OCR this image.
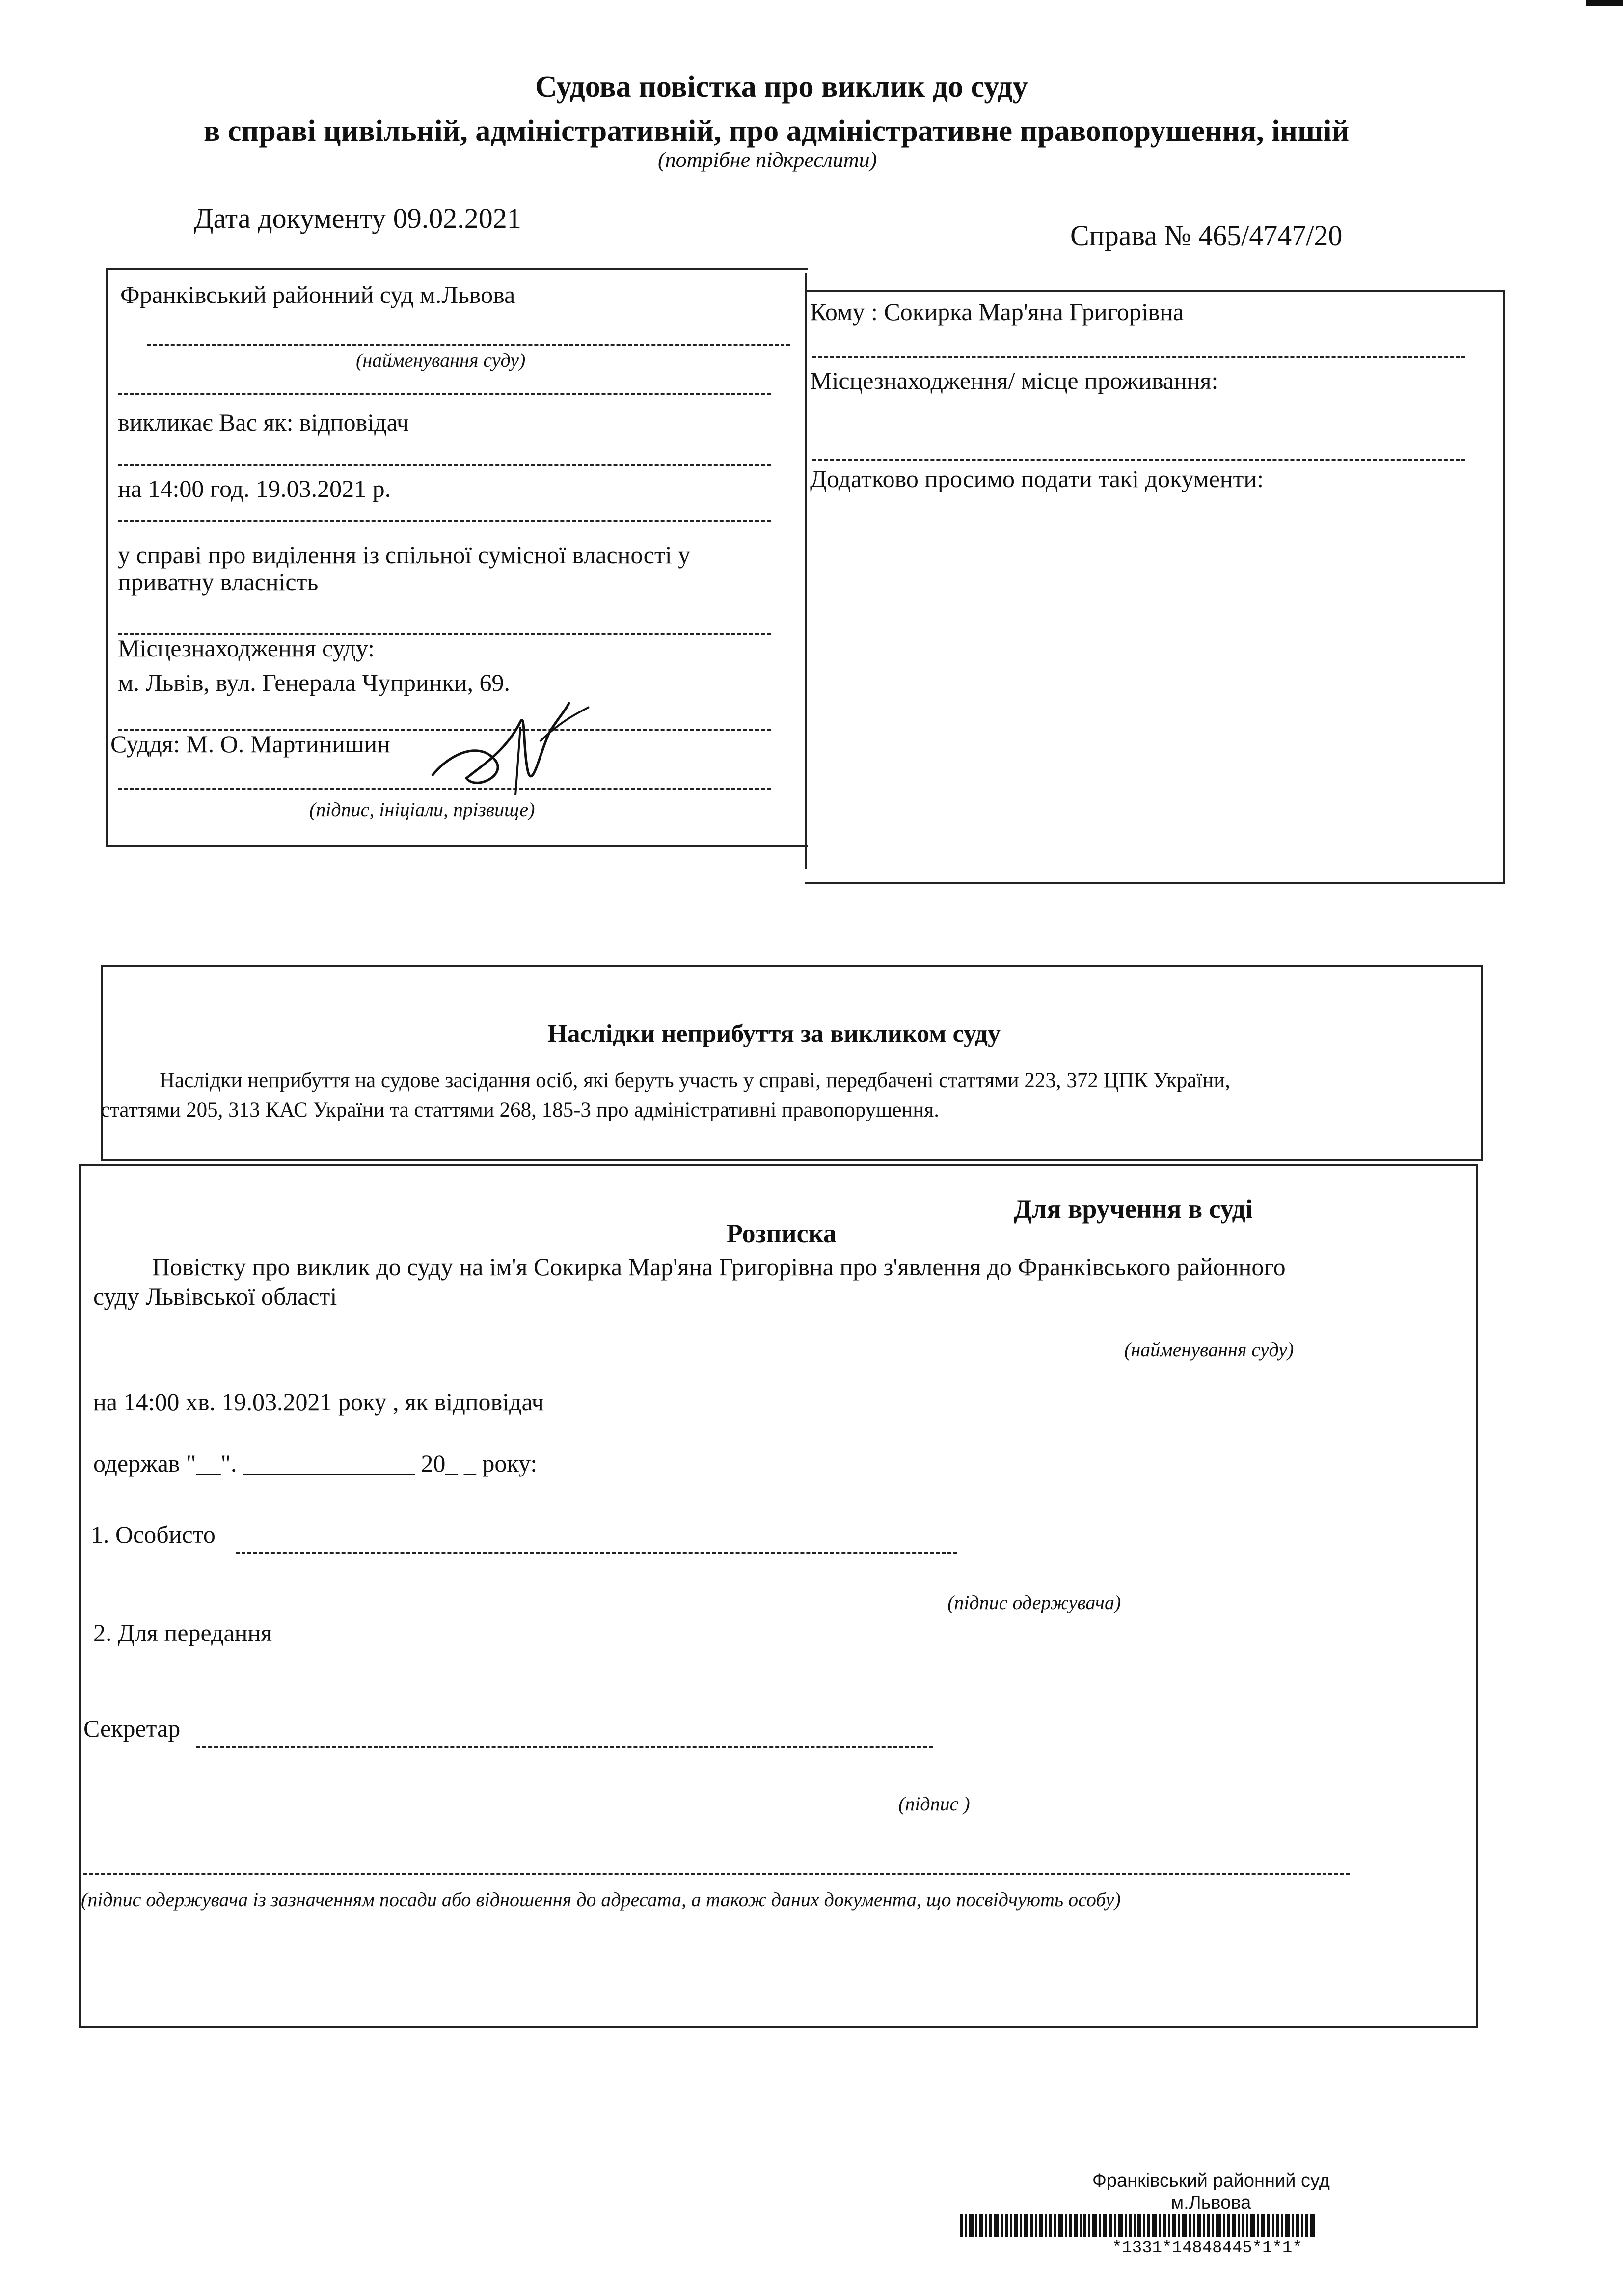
Судова повістка про виклик до суду
в справі цивільній, адміністративній, про адміністративне правопорушення, іншій
(потрібне підкреслити)
Дата документу 09.02.2021
Справа № 465/4747/20
Франківський районний суд м.Львова
(найменування суду)
викликає Вас як: відповідач
на 14:00 год. 19.03.2021 р.
у справі про виділення із спільної сумісної власності у
приватну власність
Місцезнаходження суду:
м. Львів, вул. Генерала Чупринки, 69.
Суддя: М. О. Мартинишин
(підпис, ініціали, прізвище)
Кому : Сокирка Мар'яна Григорівна
Місцезнаходження/ місце проживання:
Додатково просимо подати такі документи:
Наслідки неприбуття за викликом суду
Наслідки неприбуття на судове засідання осіб, які беруть участь у справі, передбачені статтями 223, 372 ЦПК України,
статтями 205, 313 КАС України та статтями 268, 185-3 про адміністративні правопорушення.
Для вручення в суді
Розписка
Повістку про виклик до суду на ім'я Сокирка Мар'яна Григорівна про з'явлення до Франківського районного
суду Львівської області
(найменування суду)
на 14:00 хв. 19.03.2021 року , як відповідач
одержав "__". ______________ 20_ _ року:
1. Особисто
(підпис одержувача)
2. Для передання
Секретар
(підпис )
(підпис одержувача із зазначенням посади або відношення до адресата, а також даних документа, що посвідчують особу)
Франківський районний суд
м.Львова
*1331*14848445*1*1*
